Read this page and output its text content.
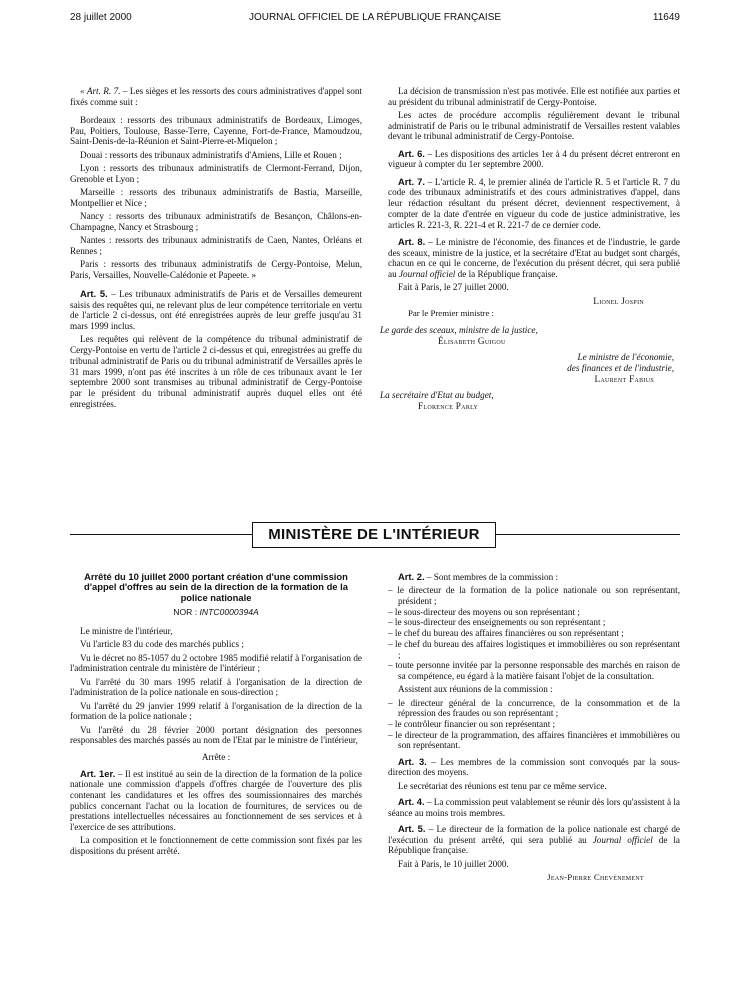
28 juillet 2000	JOURNAL OFFICIEL DE LA RÉPUBLIQUE FRANÇAISE	11649

« Art. R. 7. – Les sièges et les ressorts des cours administratives d'appel sont fixés comme suit :

Bordeaux : ressorts des tribunaux administratifs de Bordeaux, Limoges, Pau, Poitiers, Toulouse, Basse-Terre, Cayenne, Fort-de-France, Mamoudzou, Saint-Denis-de-la-Réunion et Saint-Pierre-et-Miquelon ;

Douai : ressorts des tribunaux administratifs d'Amiens, Lille et Rouen ;

Lyon : ressorts des tribunaux administratifs de Clermont-Ferrand, Dijon, Grenoble et Lyon ;

Marseille : ressorts des tribunaux administratifs de Bastia, Marseille, Montpellier et Nice ;

Nancy : ressorts des tribunaux administratifs de Besançon, Châlons-en-Champagne, Nancy et Strasbourg ;

Nantes : ressorts des tribunaux administratifs de Caen, Nantes, Orléans et Rennes ;

Paris : ressorts des tribunaux administratifs de Cergy-Pontoise, Melun, Paris, Versailles, Nouvelle-Calédonie et Papeete. »

Art. 5. – Les tribunaux administratifs de Paris et de Versailles demeurent saisis des requêtes qui, ne relevant plus de leur compétence territoriale en vertu de l'article 2 ci-dessus, ont été enregistrées auprès de leur greffe jusqu'au 31 mars 1999 inclus.

Les requêtes qui relèvent de la compétence du tribunal administratif de Cergy-Pontoise en vertu de l'article 2 ci-dessus et qui, enregistrées au greffe du tribunal administratif de Paris ou du tribunal administratif de Versailles après le 31 mars 1999, n'ont pas été inscrites à un rôle de ces tribunaux avant le 1er septembre 2000 sont transmises au tribunal administratif de Cergy-Pontoise par le président du tribunal administratif auprès duquel elles ont été enregistrées.

La décision de transmission n'est pas motivée. Elle est notifiée aux parties et au président du tribunal administratif de Cergy-Pontoise.

Les actes de procédure accomplis régulièrement devant le tribunal administratif de Paris ou le tribunal administratif de Versailles restent valables devant le tribunal administratif de Cergy-Pontoise.

Art. 6. – Les dispositions des articles 1er à 4 du présent décret entreront en vigueur à compter du 1er septembre 2000.

Art. 7. – L'article R. 4, le premier alinéa de l'article R. 5 et l'article R. 7 du code des tribunaux administratifs et des cours administratives d'appel, dans leur rédaction résultant du présent décret, deviennent respectivement, à compter de la date d'entrée en vigueur du code de justice administrative, les articles R. 221-3, R. 221-4 et R. 221-7 de ce dernier code.

Art. 8. – Le ministre de l'économie, des finances et de l'industrie, le garde des sceaux, ministre de la justice, et la secrétaire d'Etat au budget sont chargés, chacun en ce qui le concerne, de l'exécution du présent décret, qui sera publié au Journal officiel de la République française.

Fait à Paris, le 27 juillet 2000.

Lionel Jospin
Par le Premier ministre :
Le garde des sceaux, ministre de la justice,
Élisabeth Guigou
Le ministre de l'économie,
des finances et de l'industrie,
Laurent Fabius
La secrétaire d'Etat au budget,
Florence Parly
MINISTÈRE DE L'INTÉRIEUR
Arrêté du 10 juillet 2000 portant création d'une commission d'appel d'offres au sein de la direction de la formation de la police nationale
NOR : INTC0000394A

Le ministre de l'intérieur,

Vu l'article 83 du code des marchés publics ;

Vu le décret no 85-1057 du 2 octobre 1985 modifié relatif à l'organisation de l'administration centrale du ministère de l'intérieur ;

Vu l'arrêté du 30 mars 1995 relatif à l'organisation de la direction de l'administration de la police nationale en sous-direction ;

Vu l'arrêté du 29 janvier 1999 relatif à l'organisation de la direction de la formation de la police nationale ;

Vu l'arrêté du 28 février 2000 portant désignation des personnes responsables des marchés passés au nom de l'Etat par le ministre de l'intérieur,

Arrête :

Art. 1er. – Il est institué au sein de la direction de la formation de la police nationale une commission d'appels d'offres chargée de l'ouverture des plis contenant les candidatures et les offres des soumissionnaires des marchés publics concernant l'achat ou la location de fournitures, de services ou de prestations intellectuelles nécessaires au fonctionnement de ses services et à l'exercice de ses attributions.

La composition et le fonctionnement de cette commission sont fixés par les dispositions du présent arrêté.

Art. 2. – Sont membres de la commission :

– le directeur de la formation de la police nationale ou son représentant, président ;
– le sous-directeur des moyens ou son représentant ;
– le sous-directeur des enseignements ou son représentant ;
– le chef du bureau des affaires financières ou son représentant ;
– le chef du bureau des affaires logistiques et immobilières ou son représentant ;
– toute personne invitée par la personne responsable des marchés en raison de sa compétence, eu égard à la matière faisant l'objet de la consultation.

Assistent aux réunions de la commission :

– le directeur général de la concurrence, de la consommation et de la répression des fraudes ou son représentant ;
– le contrôleur financier ou son représentant ;
– le directeur de la programmation, des affaires financières et immobilières ou son représentant.

Art. 3. – Les membres de la commission sont convoqués par la sous-direction des moyens.

Le secrétariat des réunions est tenu par ce même service.

Art. 4. – La commission peut valablement se réunir dès lors qu'assistent à la séance au moins trois membres.

Art. 5. – Le directeur de la formation de la police nationale est chargé de l'exécution du présent arrêté, qui sera publié au Journal officiel de la République française.

Fait à Paris, le 10 juillet 2000.

Jean-Pierre Chevènement
